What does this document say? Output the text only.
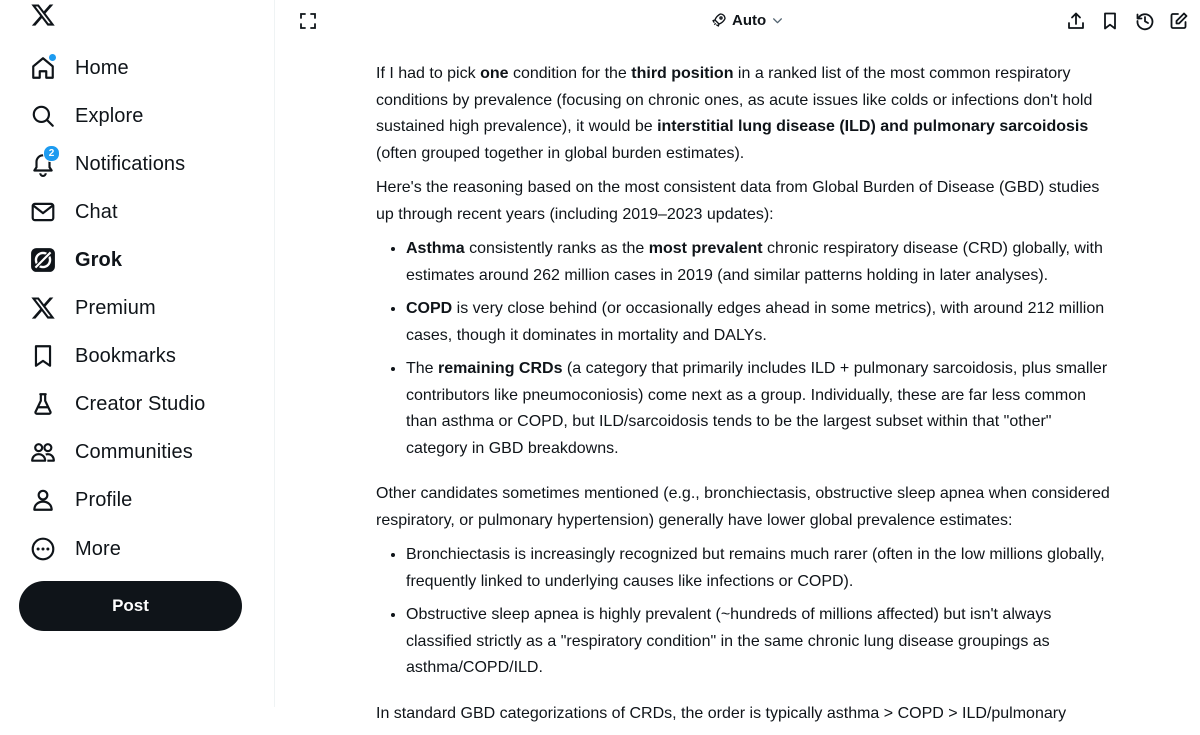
Home
Explore
2 Notifications
Chat
Grok
Premium
Bookmarks
Creator Studio
Communities
Profile
More
Post
Auto

If I had to pick one condition for the third position in a ranked list of the most common respiratory conditions by prevalence (focusing on chronic ones, as acute issues like colds or infections don't hold sustained high prevalence), it would be interstitial lung disease (ILD) and pulmonary sarcoidosis (often grouped together in global burden estimates).

Here's the reasoning based on the most consistent data from Global Burden of Disease (GBD) studies up through recent years (including 2019–2023 updates):

• Asthma consistently ranks as the most prevalent chronic respiratory disease (CRD) globally, with estimates around 262 million cases in 2019 (and similar patterns holding in later analyses).
• COPD is very close behind (or occasionally edges ahead in some metrics), with around 212 million cases, though it dominates in mortality and DALYs.
• The remaining CRDs (a category that primarily includes ILD + pulmonary sarcoidosis, plus smaller contributors like pneumoconiosis) come next as a group. Individually, these are far less common than asthma or COPD, but ILD/sarcoidosis tends to be the largest subset within that "other" category in GBD breakdowns.

Other candidates sometimes mentioned (e.g., bronchiectasis, obstructive sleep apnea when considered respiratory, or pulmonary hypertension) generally have lower global prevalence estimates:

• Bronchiectasis is increasingly recognized but remains much rarer (often in the low millions globally, frequently linked to underlying causes like infections or COPD).
• Obstructive sleep apnea is highly prevalent (~hundreds of millions affected) but isn't always classified strictly as a "respiratory condition" in the same chronic lung disease groupings as asthma/COPD/ILD.

In standard GBD categorizations of CRDs, the order is typically asthma > COPD > ILD/pulmonary
